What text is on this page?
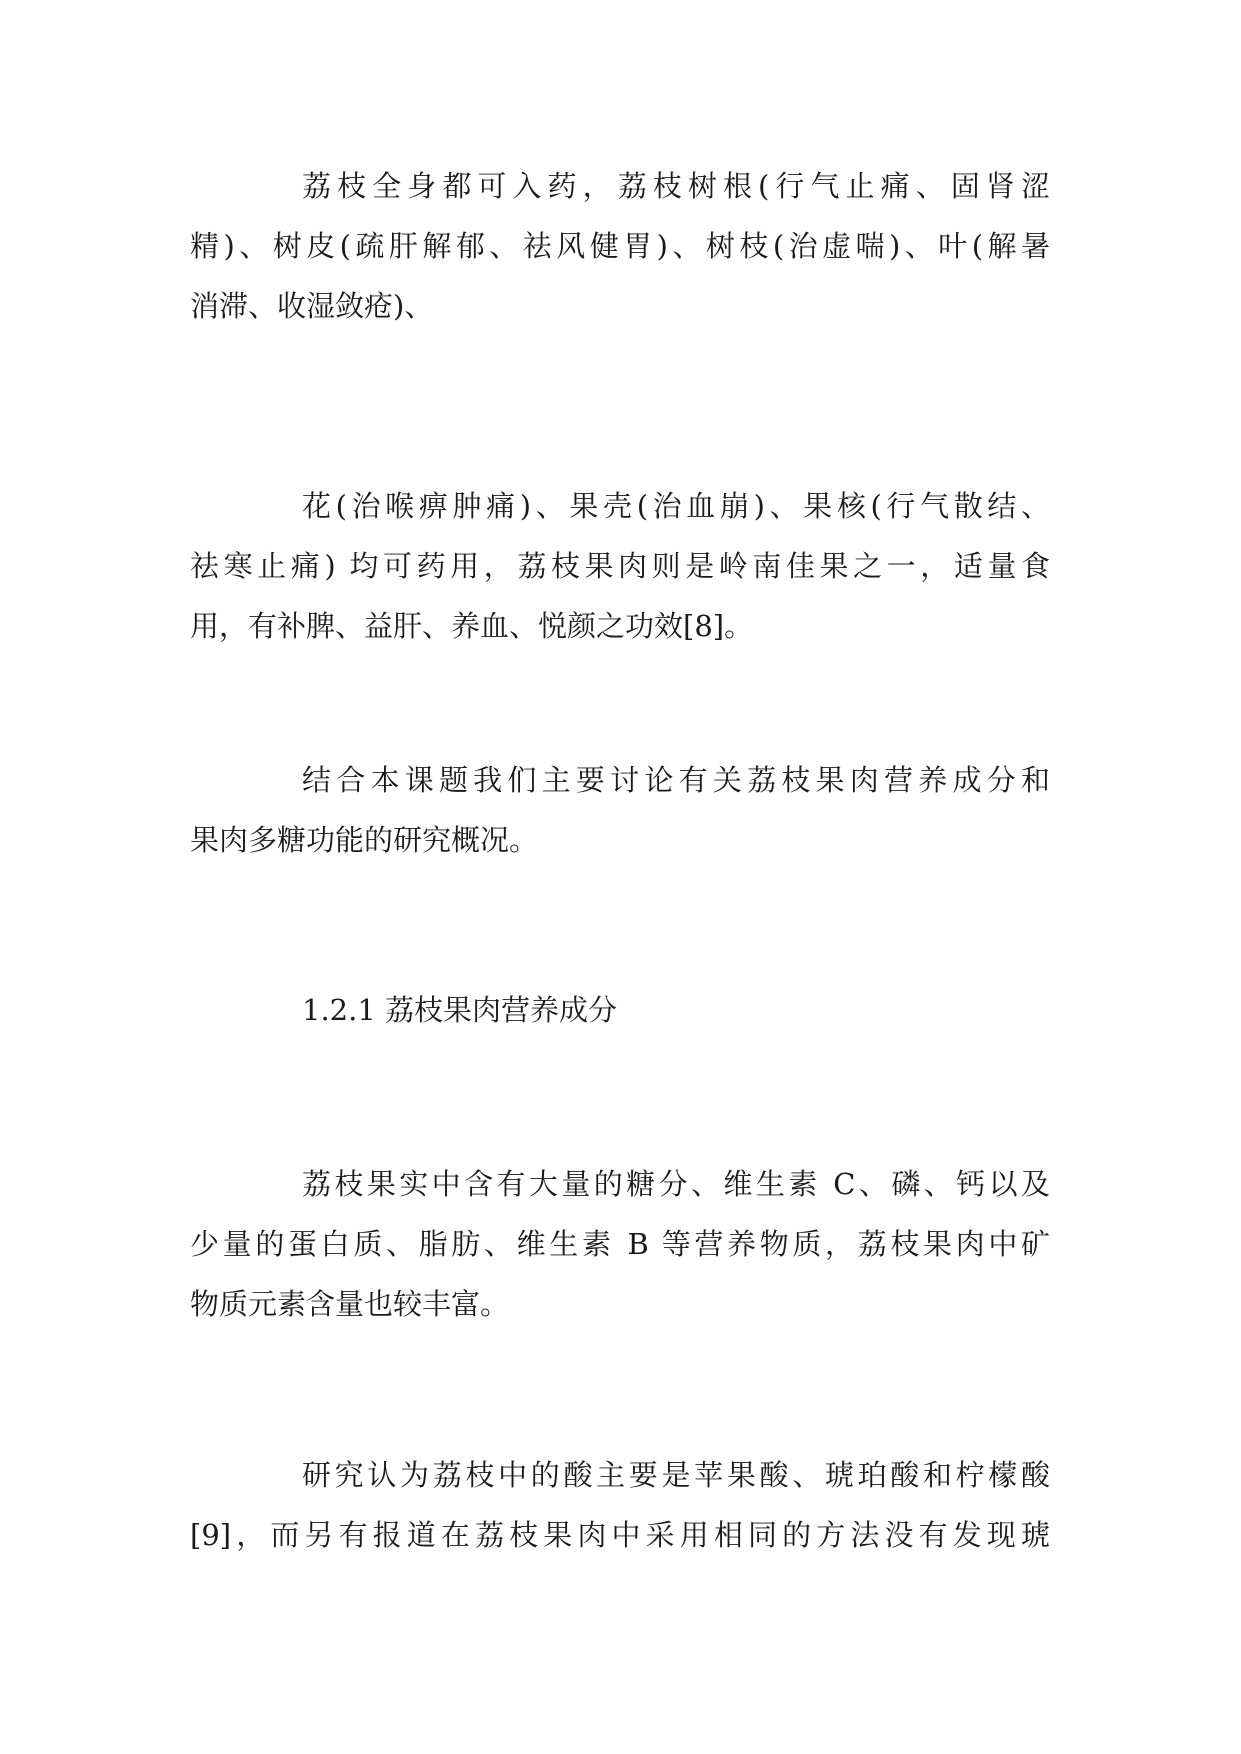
荔枝全身都可入药，荔枝树根(行气止痛、固肾涩
精)、树皮(疏肝解郁、祛风健胃)、树枝(治虚喘)、叶(解暑
消滞、收湿敛疮)、
花(治喉痹肿痛)、果壳(治血崩)、果核(行气散结、
祛寒止痛) 均可药用，荔枝果肉则是岭南佳果之一，适量食
用，有补脾、益肝、养血、悦颜之功效[8]。
结合本课题我们主要讨论有关荔枝果肉营养成分和
果肉多糖功能的研究概况。
1.2.1 荔枝果肉营养成分
荔枝果实中含有大量的糖分、维生素 C、磷、钙以及
少量的蛋白质、脂肪、维生素 B 等营养物质，荔枝果肉中矿
物质元素含量也较丰富。
研究认为荔枝中的酸主要是苹果酸、琥珀酸和柠檬酸
[9]，而另有报道在荔枝果肉中采用相同的方法没有发现琥
